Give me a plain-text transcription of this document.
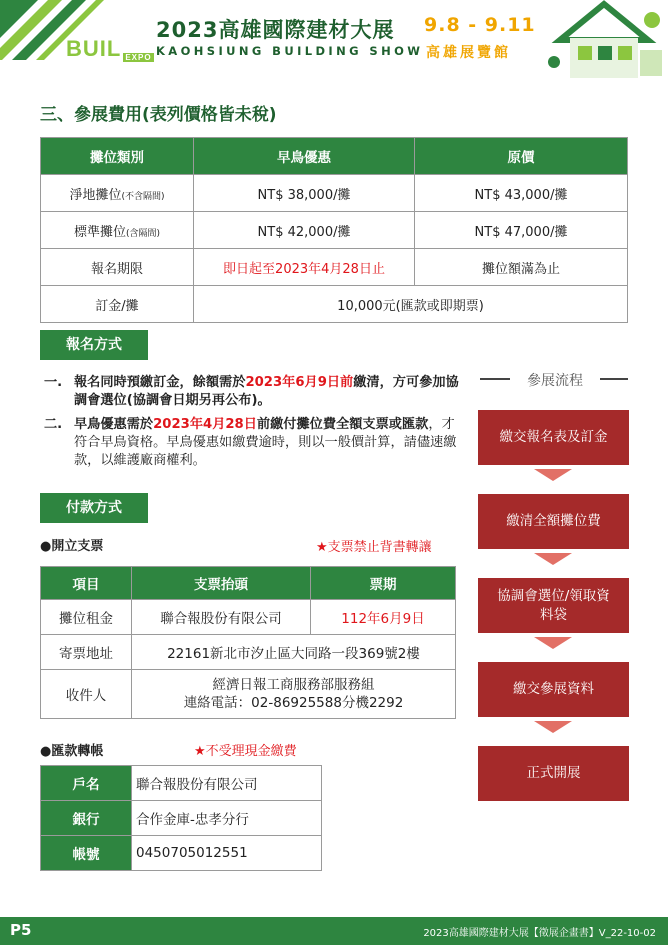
BUIL EXPO
2023高雄國際建材大展
KAOHSIUNG BUILDING SHOW
9.8 - 9.11
高雄展覽館
三、參展費用(表列價格皆未稅)
攤位類別	早鳥優惠	原價
淨地攤位(不含隔間)	NT$ 38,000/攤	NT$ 43,000/攤
標準攤位(含隔間)	NT$ 42,000/攤	NT$ 47,000/攤
報名期限	即日起至2023年4月28日止	攤位額滿為止
訂金/攤	10,000元(匯款或即期票)	
報名方式
一. 報名同時預繳訂金，餘額需於2023年6月9日前繳清，方可參加協調會選位(協調會日期另再公布)。
二. 早鳥優惠需於2023年4月28日前繳付攤位費全額支票或匯款，才符合早鳥資格。早鳥優惠如繳費逾時，則以一般價計算，請儘速繳款，以維護廠商權利。
付款方式
●開立支票	★支票禁止背書轉讓
項目	支票抬頭	票期
攤位租金	聯合報股份有限公司	112年6月9日
寄票地址	22161新北市汐止區大同路一段369號2樓	
收件人	經濟日報工商服務部服務組
連絡電話：02-86925588分機2292	
●匯款轉帳	★不受理現金繳費
戶名	聯合報股份有限公司
銀行	合作金庫-忠孝分行
帳號	0450705012551
參展流程
繳交報名表及訂金
繳清全額攤位費
協調會選位/領取資料袋
繳交參展資料
正式開展
P5	2023高雄國際建材大展【徵展企畫書】V_22-10-02
